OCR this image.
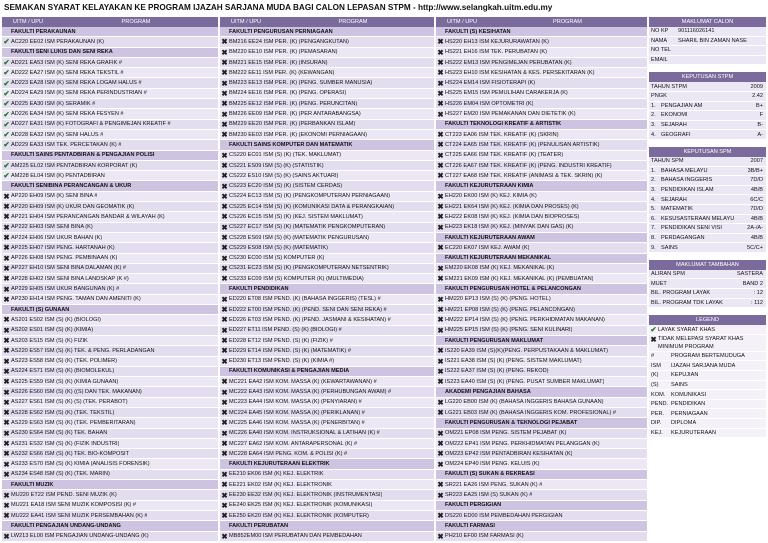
SEMAKAN SYARAT KELAYAKAN KE PROGRAM IJAZAH SARJANA MUDA BAGI CALON LEPASAN STPM - http://www.selangkah.uitm.edu.my
UITM / UPU	PROGRAM
FAKULTI PERAKAUNAN
✔ AC220 EE02 ISM PERAKAUNAN (K)
FAKULTI SENI LUKIS DAN SENI REKA
✔ AD221 EA53 ISM (K) SENI REKA GRAFIK #
✔ AD222 EA27 ISM (K) SENI REKA TEKSTIL #
✔ AD223 EA28 ISM (K) SENI REKA LOGAM HALUS #
✔ AD224 EA29 ISM (K) SENI REKA PERINDUSTRIAN #
✔ AD225 EA30 ISM (K) SERAMIK #
✔ AD226 EA34 ISM (K) SENI REKA FESYEN #
✔ AD227 EA31 ISM (K) FOTOGRAFI & PENGIMEJAN KREATIF #
✔ AD228 EA32 ISM (K) SENI HALUS #
✔ AD229 EA33 ISM TEK. PERCETAKAN (K) #
FAKULTI SAINS PENTADBIRAN & PENGAJIAN POLISI
✔ AM225 EL02 ISM PENTADBIRAN KORPORAT (K)
✔ AM228 EL04 ISM (K) PENTADBIRAN
FAKULTI SENIBINA PERANCANGAN & UKUR
✖ AP220 EH09 ISM (K) SENI BINA #
✖ AP220 EH09 ISM (K) UKUR DAN GEOMATIK (K)
✖ AP221 EH04 ISM PERANCANGAN BANDAR & WILAYAH (K)
✖ AP222 EH03 ISM SENI BINA (K)
✖ AP224 EH06 ISM UKUR BAHAN (K)
✖ AP225 EH07 ISM PENG. HARTANAH (K)
✖ AP226 EH08 ISM PENG. PEMBINAAN (K)
✖ AP227 EH10 ISM SENI BINA DALAMAN (K) #
✖ AP228 EH02 ISM SENI BINA LANDSKAP (K #)
✖ AP229 EH05 ISM UKUR BANGUNAN (K) #
✖ AP230 EH14 ISM PENG. TAMAN DAN AMENITI (K)
FAKULTI (S) GUNAAN
✖ AS201 ES02 ISM (S) (K) (BIOLOGI)
✖ AS202 ES01 ISM (S) (K) (KIMIA)
✖ AS203 ES15 ISM (S) (K) FIZIK
✖ AS220 ES57 ISM (S) (K) TEK. & PENG. PERLADANGAN
✖ AS223 ES58 ISM (S) (K) (TEK. POLIMER)
✖ AS224 ES71 ISM (S) (K) (BIOMOLEKUL)
✖ AS225 ES59 ISM (S) (K) (KIMIA GUNAAN)
✖ AS226 ES60 ISM (S) (K) ((S) DAN TEK. MAKANAN)
✖ AS227 ES61 ISM (S) (K) (S) (TEK. PERABOT)
✖ AS228 ES62 ISM (S) (K) (TEK. TEKSTIL)
✖ AS229 ES63 ISM (S) (K) (TEK. PEMBERITARAN)
✖ AS230 ES64 ISM (S) (K) TEK. BAHAN
✖ AS231 ES32 ISM (S) (K) (FIZIK INDUSTRI)
✖ AS232 ES66 ISM (S) (K) TEK. BIO-KOMPOSIT
✖ AS233 ES70 ISM (S) (K) KIMIA (ANALISIS FORENSIK)
✖ AS234 ES48 ISM (S) (K) (TEK. MARIN)
FAKULTI MUZIK
✖ MU220 ET22 ISM PEND. SENI MUZIK (K)
✖ MU221 EA18 ISM SENI MUZIK KOMPOSISI (K) #
✖ MU222 EA41 ISM SENI MUZIK PERSEMBAHAN (K) #
FAKULTI PENGAJIAN UNDANG-UNDANG
✖ LW213 EL00 ISM PENGAJIAN UNDANG-UNDANG (K)
UITM / UPU	PROGRAM
FAKULTI PENGURUSAN PERNIAGAAN
✖ BM216 EE24 ISM PER. (K) (PENGANGKUTAN)
✖ BM220 EE10 ISM PER. (K) (PEMASARAN)
✖ BM221 EE15 ISM PER. (K) (INSURAN)
✖ BM222 EE11 ISM PER. (K) (KEWANGAN)
✖ BM223 EE13 ISM PER. (K) (PENG. SUMBER MANUSIA)
✖ BM224 EE16 ISM PER. (K) (PENG. OPERASI)
✖ BM225 EE12 ISM PER. (K) (PENG. PERUNCITAN)
✖ BM226 EE09 ISM PER. (K) (PER ANTARABANGSA)
✖ BM229 EE20 ISM PER. (K) (PERBANKAN ISLAM)
✖ BM230 EE03 ISM PER. (K) (EKONOMI PERNIAGAAN)
FAKULTI SAINS KOMPUTER DAN MATEMATIK
✖ CS220 EC01 ISM (S) (K) (TEK. MAKLUMAT)
✖ CS221 ES09 ISM (S) (K) (STATISTIK)
✖ CS222 ES10 ISM (S) (K) (SAINS AKTUARI)
✖ CS223 EC20 ISM (S) (K) (SISTEM CERDAS)
✖ CS224 EC13 ISM (S) (K) (PENGKOMPUTERAN PERNIAGAAN)
✖ CS225 EC14 ISM (S) (K) (KOMUNIKASI DATA & PERANGKAIAN)
✖ CS226 EC15 ISM (S) (K) (KEJ. SISTEM MAKLUMAT)
✖ CS227 EC17 ISM (S) (K) (MATEMATIK PENGKOMPUTERAN)
✖ CS228 ES69 ISM (S) (K) (MATEMATIK PENGURUSAN)
✖ CS229 ES08 ISM (S) (K) (MATEMATIK)
✖ CS230 EC00 ISM (S) KOMPUTER (K)
✖ CS231 EC23 ISM (S) (K) (PENGKOMPUTERAN NETSENTRIK)
✖ CS233 EC09 ISM (S) KOMPUTER (K) (MULTIMEDIA)
FAKULTI PENDIDIKAN
✖ ED220 ET08 ISM PEND. (K) (BAHASA INGGERIS) (TESL) #
✖ ED222 ET00 ISM PEND. (K) (PEND. SENI DAN SENI REKA) #
✖ ED226 ET03 ISM PEND. (K) (PEND. JASMANI & KESIHATAN) #
✖ ED227 ET11 ISM PEND. (S) (K) (BIOLOGI) #
✖ ED228 ET12 ISM PEND. (S) (K) (FIZIK) #
✖ ED229 ET14 ISM PEND. (S) (K) (MATEMATIK) #
✖ ED230 ET13 ISM PEND. (S) (K) (KIMIA #)
FAKULTI KOMUNIKASI & PENGAJIAN MEDIA
✖ MC221 EA42 ISM KOM. MASSA (K) (KEWARTAWANAN) #
✖ MC222 EA43 ISM KOM. MASSA (K) (PERHUBUNGAN AWAM) #
✖ MC223 EA44 ISM KOM. MASSA (K) (PENYIARAN) #
✖ MC224 EA45 ISM KOM. MASSA (K) (PERIKLANAN) #
✖ MC225 EA46 ISM KOM. MASSA (K) (PENERBITAN) #
✖ MC226 EA40 ISM KOM. INSTRUKSIONAL & LATIHAN (K) #
✖ MC227 EA62 ISM KOM. ANTARAPERSONAL (K) #
✖ MC228 EA64 ISM PENG. KOM. & POLISI (K) #
FAKULTI KEJURUTERAAN ELEKTRIK
✖ EE210 EK06 ISM (K) KEJ. ELEKTRIK
✖ EE221 EK02 ISM (K) KEJ. ELEKTRONIK
✖ EE230 EE32 ISM (K) KEJ. ELEKTRONIK (INSTRUMENTASI)
✖ EE240 EK25 ISM (K) KEJ. ELEKTRONIK (KOMUNIKASI)
✖ EE250 EK20 ISM (K) KEJ. ELEKTRONIK (KOMPUTER)
FAKULTI PERUBATAN
✖ MB852EM00 ISM PERUBATAN DAN PEMBEDAHAN
UITM / UPU	PROGRAM
FAKULTI (S) KESIHATAN
✖ HS220 EH13 ISM KEJURURAWATAN (K)
✖ HS221 EH16 ISM TEK. PERUBATAN (K)
✖ HS222 EM13 ISM PENGIMEJAN PERUBATAN (K)
✖ HS223 EH10 ISM KESIHATAN & KES. PERSEKITARAN (K)
✖ HS224 EM14 ISM FISIOTERAPI (K)
✖ HS225 EM15 ISM PEMULIHAN CARAKERJA (K)
✖ HS226 EM04 ISM OPTOMETRI (K)
✖ HS227 EM20 ISM PEMAKANAN DAN DIETETIK (K)
FAKULTI TEKNOLOGI KREATIF & ARTISTIK
✖ CT223 EA06 ISM TEK. KREATIF (K) (SKRIN)
✖ CT224 EA65 ISM TEK. KREATIF (K) (PENULISAN ARTISTIK)
✖ CT225 EA66 ISM TEK. KREATIF (K) (TEATER)
✖ CT226 EA67 ISM TEK. KREATIF (K) (PENG. INDUSTRI KREATIF)
✖ CT227 EA68 ISM TEK. KREATIF (ANIMASI & TEK. SKRIN) (K)
FAKULTI KEJURUTERAAN KIMIA
✖ EH220 EK00 ISM (K) KEJ. KIMIA (K)
✖ EH221 EK64 ISM (K) KEJ. (KIMIA DAN PROSES) (K)
✖ EH222 EK08 ISM (K) KEJ. (KIMIA DAN BIOPROSES)
✖ EH223 EK18 ISM (K) KEJ. (MINYAK DAN GAS) (K)
FAKULTI KEJURUTERAAN AWAM
✖ EC220 EK07 ISM KEJ. AWAM (K)
FAKULTI KEJURUTERAAN MEKANIKAL
✖ EM220 EK08 ISM (K) KEJ. MEKANIKAL (K)
✖ EM221 EK09 ISM (K) KEJ. MEKANIKAL (K) (PEMBUATAN)
FAKULTI PENGURUSAN HOTEL & PELANCONGAN
✖ HM220 EP13 ISM (S) (K) (PENG. HOTEL)
✖ HM221 EP08 ISM (S) (K) (PENG. PELANCONGAN)
✖ HM222 EP14 ISM (S) (K) (PENG. PERKHIDMATAN MAKANAN)
✖ HM225 EP15 ISM (S) (K) (PENG. SENI KULINARI)
FAKULTI PENGURUSAN MAKLUMAT
✖ IS220 EA39 ISM (S)(K)(PENG. PERPUSTAKAAN & MAKLUMAT)
✖ IS221 EA38 ISM (S) (K) (PENG. SISTEM MAKLUMAT)
✖ IS222 EA37 ISM (S) (K) (PENG. REKOD)
✖ IS223 EA40 ISM (S) (K) (PENG. PUSAT SUMBER MAKLUMAT)
AKADEMI PENGAJIAN BAHASA
✖ LG220 EB00 ISM (K) (BAHASA INGGERIS BAHASA GUNAAN)
✖ LG221 EB03 ISM (K) (BAHASA INGGERIS KOM. PROFESIONAL) #
FAKULTI PENGURUSAN & TEKNOLOGI PEJABAT
✖ OM221 EP08 ISM PENG. SISTEM PEJABAT (K)
✖ OM222 EP41 ISM PENG. PERKHIDMATAN PELANGGAN (K)
✖ OM223 EP42 ISM PENTADBIRAN KESIHATAN (K)
✖ OM224 EP40 ISM PENG. KELUIS (K)
FAKULTI (S) SUKAN & REKREASI
✖ SR221 EA26 ISM PENG. SUKAN (K) #
✖ SR223 EA25 ISM (S) SUKAN (K) #
FAKULTI PERGIGIAN
✖ DS220 ED00 ISM PEMBEDAHAN PERGIGIAN
FAKULTI FARMASI
✖ PH210 EF00 ISM FARMASI (K)
MAKLUMAT CALON
NO KP	901116026141
NAMA	SHARIL BIN ZAMAN NASE
NO TEL
EMAIL
KEPUTUSAN STPM
TAHUN STPM	2009
PNGK	2.42
1. PENGAJIAN AM	B+
2. EKONOMI	F
3. SEJARAH	B-
4. GEOGRAFI	A-
KEPUTUSAN SPM
TAHUN SPM	2007
1. BAHASA MELAYU	3B/B+
2. BAHASA INGGERIS	7D/D
3. PENDIDIKAN ISLAM	4B/B
4. SEJARAH	6C/C
5. MATEMATIK	7D/D
6. KESUSASTERAAN MELAYU	4B/B
7. PENDIDIKAN SENI VISI	2A-/A-
8. PERDAGANGAN	4B/B
9. SAINS	5C/C+
MAKLUMAT TAMBAHAN
ALIRAN SPM	SASTERA
MUET	BAND 2
BIL. PROGRAM LAYAK	: 12
BIL. PROGRAM TDK LAYAK	: 112
LEGEND
✔ LAYAK SYARAT KHAS
✖ TIDAK MELEPASI SYARAT KHAS MINIMUM PROGRAM
#	PROGRAM BERTEMUDUGA
ISM	IJAZAH SARJANA MUDA
(K)	KEPUJIAN
(S)	SAINS
KOM.	KOMUNIKASI
PEND. PENDIDIKAN
PER.	PERNIAGAAN
DIP.	DIPLOMA
KEJ.	KEJURUTERAAN
